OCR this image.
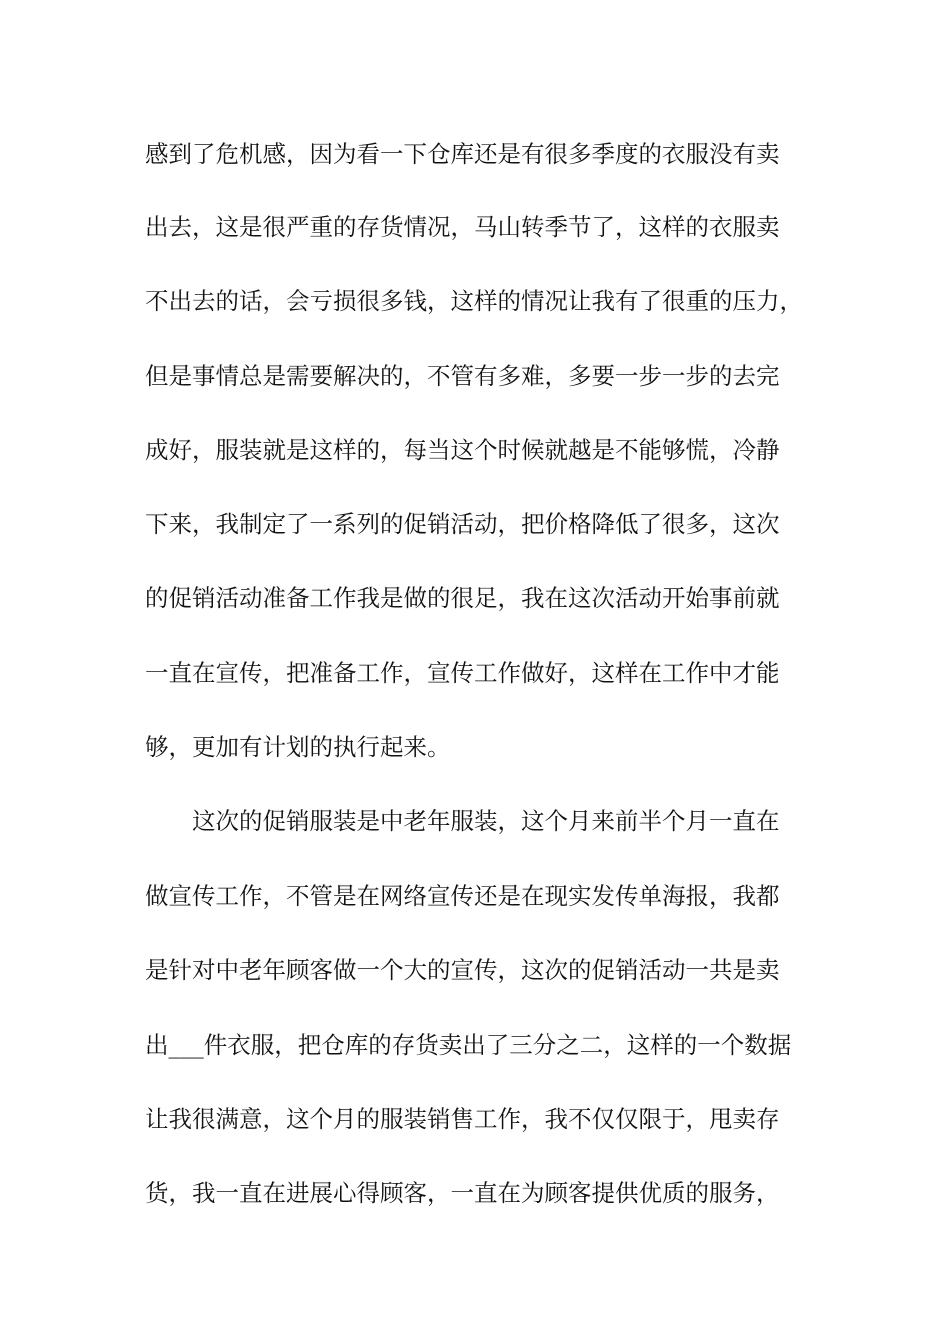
感到了危机感，因为看一下仓库还是有很多季度的衣服没有卖

出去，这是很严重的存货情况，马山转季节了，这样的衣服卖

不出去的话，会亏损很多钱，这样的情况让我有了很重的压力，

但是事情总是需要解决的，不管有多难，多要一步一步的去完

成好，服装就是这样的，每当这个时候就越是不能够慌，冷静

下来，我制定了一系列的促销活动，把价格降低了很多，这次

的促销活动准备工作我是做的很足，我在这次活动开始事前就

一直在宣传，把准备工作，宣传工作做好，这样在工作中才能

够，更加有计划的执行起来。

这次的促销服装是中老年服装，这个月来前半个月一直在

做宣传工作，不管是在网络宣传还是在现实发传单海报，我都

是针对中老年顾客做一个大的宣传，这次的促销活动一共是卖

出___件衣服，把仓库的存货卖出了三分之二，这样的一个数据

让我很满意，这个月的服装销售工作，我不仅仅限于，甩卖存

货，我一直在进展心得顾客，一直在为顾客提供优质的服务，
